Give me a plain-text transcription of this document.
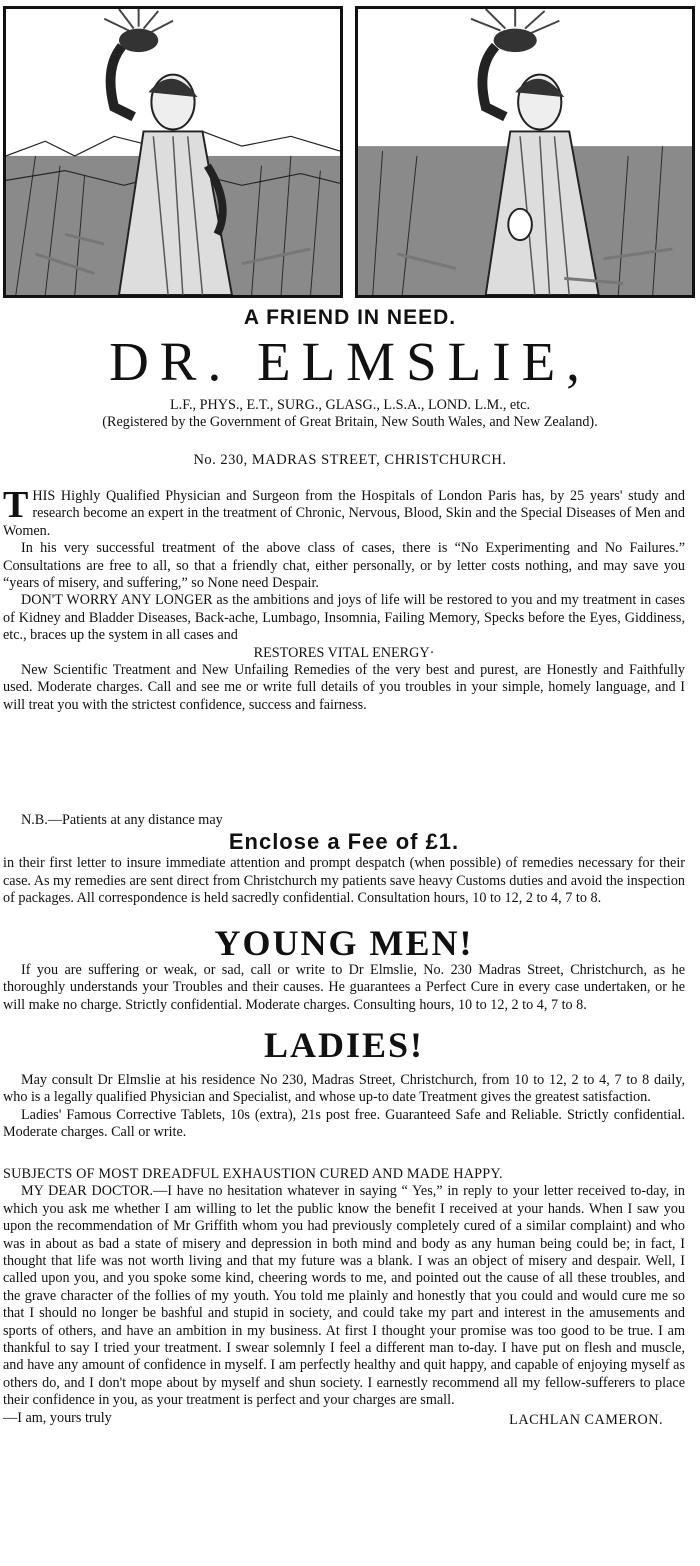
A FRIEND IN NEED.
DR. ELMSLIE,
L.F., PHYS., E.T., SURG., GLASG., L.S.A., LOND. L.M., etc.
(Registered by the Government of Great Britain, New South Wales, and New Zealand).
No. 230, MADRAS STREET, CHRISTCHURCH.

THIS Highly Qualified Physician and Surgeon from the Hospitals of London Paris has, by 25 years' study and research become an expert in the treatment of Chronic, Nervous, Blood, Skin and the Special Diseases of Men and Women.

In his very successful treatment of the above class of cases, there is “No Experimenting and No Failures.” Consultations are free to all, so that a friendly chat, either personally, or by letter costs nothing, and may save you “years of misery, and suffering,” so None need Despair.

DON'T WORRY ANY LONGER as the ambitions and joys of life will be restored to you and my treatment in cases of Kidney and Bladder Diseases, Back-ache, Lumbago, Insomnia, Failing Memory, Specks before the Eyes, Giddiness, etc., braces up the system in all cases and

RESTORES VITAL ENERGY·

New Scientific Treatment and New Unfailing Remedies of the very best and purest, are Honestly and Faithfully used. Moderate charges. Call and see me or write full details of you troubles in your simple, homely language, and I will treat you with the strictest confidence, success and fairness.

N.B.—Patients at any distance may

Enclose a Fee of £1.

in their first letter to insure immediate attention and prompt despatch (when possible) of remedies necessary for their case. As my remedies are sent direct from Christchurch my patients save heavy Customs duties and avoid the inspection of packages. All correspondence is held sacredly confidential. Consultation hours, 10 to 12, 2 to 4, 7 to 8.

YOUNG MEN!

If you are suffering or weak, or sad, call or write to Dr Elmslie, No. 230 Madras Street, Christchurch, as he thoroughly understands your Troubles and their causes. He guarantees a Perfect Cure in every case undertaken, or he will make no charge. Strictly confidential. Moderate charges. Consulting hours, 10 to 12, 2 to 4, 7 to 8.

LADIES!

May consult Dr Elmslie at his residence No 230, Madras Street, Christchurch, from 10 to 12, 2 to 4, 7 to 8 daily, who is a legally qualified Physician and Specialist, and whose up-to date Treatment gives the greatest satisfaction.

Ladies' Famous Corrective Tablets, 10s (extra), 21s post free. Guaranteed Safe and Reliable. Strictly confidential. Moderate charges. Call or write.

SUBJECTS OF MOST DREADFUL EXHAUSTION CURED AND MADE HAPPY.

MY DEAR DOCTOR.—I have no hesitation whatever in saying “ Yes,” in reply to your letter received to-day, in which you ask me whether I am willing to let the public know the benefit I received at your hands. When I saw you upon the recommendation of Mr Griffith whom you had previously completely cured of a similar complaint) and who was in about as bad a state of misery and depression in both mind and body as any human being could be; in fact, I thought that life was not worth living and that my future was a blank. I was an object of misery and despair. Well, I called upon you, and you spoke some kind, cheering words to me, and pointed out the cause of all these troubles, and the grave character of the follies of my youth. You told me plainly and honestly that you could and would cure me so that I should no longer be bashful and stupid in society, and could take my part and interest in the amusements and sports of others, and have an ambition in my business. At first I thought your promise was too good to be true. I am thankful to say I tried your treatment. I swear solemnly I feel a different man to-day. I have put on flesh and muscle, and have any amount of confidence in myself. I am perfectly healthy and quit happy, and capable of enjoying myself as others do, and I don't mope about by myself and shun society. I earnestly recommend all my fellow-sufferers to place their confidence in you, as your treatment is perfect and your charges are small.

—I am, yours truly	LACHLAN CAMERON.
